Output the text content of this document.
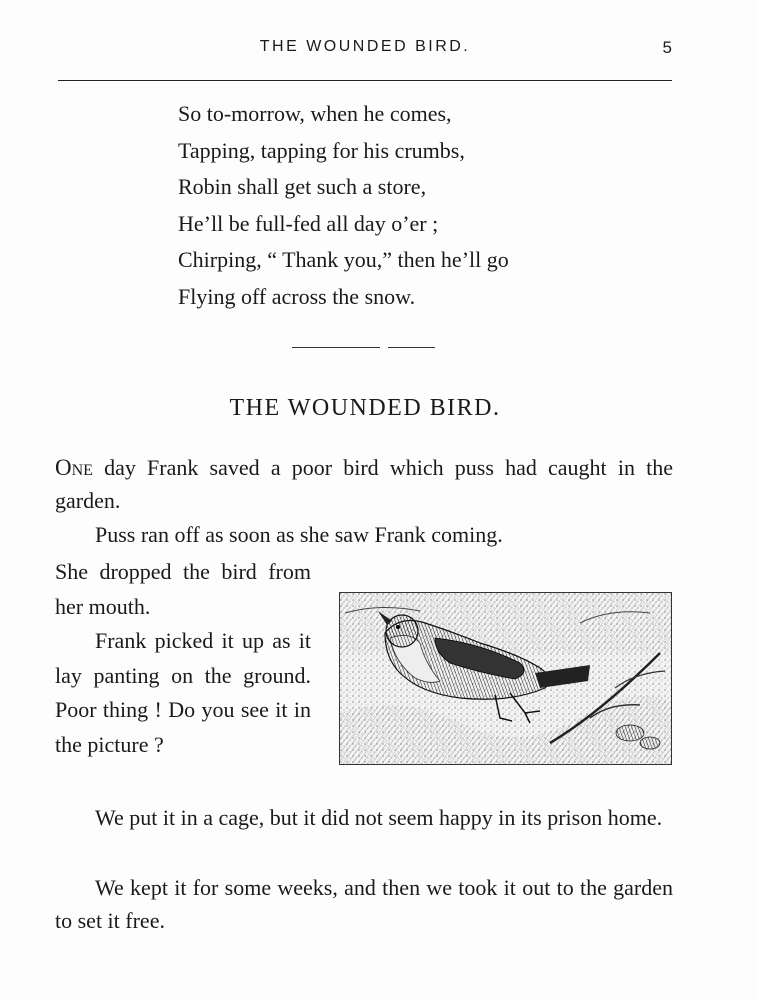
THE WOUNDED BIRD.	5
So to-morrow, when he comes,
Tapping, tapping for his crumbs,
Robin shall get such a store,
He’ll be full-fed all day o’er ;
Chirping, “ Thank you,” then he’ll go
Flying off across the snow.
THE WOUNDED BIRD.
One day Frank saved a poor bird which puss had caught in the garden.
Puss ran off as soon as she saw Frank coming.
She dropped the bird from her mouth.
Frank picked it up as it lay panting on the ground. Poor thing ! Do you see it in the picture ?
We put it in a cage, but it did not seem happy in its prison home.
We kept it for some weeks, and then we took it out to the garden to set it free.
